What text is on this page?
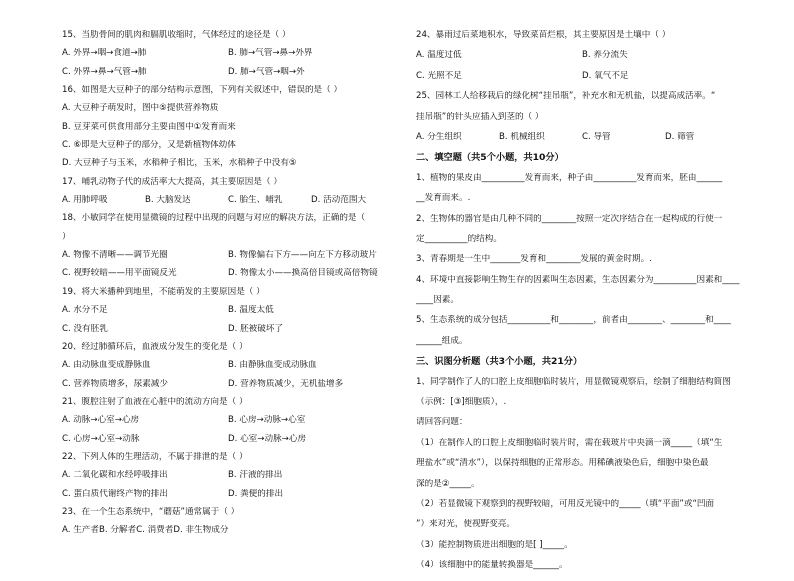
15、当肋骨间的肌肉和膈肌收缩时，气体经过的途径是（ ）
A. 外界→咽→食道→肺	B. 肺→气管→鼻→外界
C. 外界→鼻→气管→肺	D. 肺→气管→咽→外
16、如图是大豆种子的部分结构示意图，下列有关叙述中，错误的是（ ）
A. 大豆种子萌发时，图中⑤提供营养物质
B. 豆芽菜可供食用部分主要由图中①发育而来
C. ⑥即是大豆种子的部分，又是新植物体幼体
D. 大豆种子与玉米，水稻种子相比，玉米，水稻种子中没有⑤
17、哺乳动物子代的成活率大大提高，其主要原因是（ ）
A. 用肺呼吸	B. 大脑发达	C. 胎生、哺乳	D. 活动范围大
18、小敏同学在使用显微镜的过程中出现的问题与对应的解决方法，正确的是（
）
A. 物像不清晰——调节光圈	B. 物像偏右下方——向左下方移动玻片
C. 视野较暗——用平面镜反光	D. 物像太小——换高倍目镜或高倍物镜
19、将大米播种到地里，不能萌发的主要原因是（ ）
A. 水分不足	B. 温度太低
C. 没有胚乳	D. 胚被破坏了
20、经过肺循环后，血液成分发生的变化是（ ）
A. 由动脉血变成静脉血	B. 由静脉血变成动脉血
C. 营养物质增多，尿素减少	D. 营养物质减少，无机盐增多
21、腹腔注射了血液在心脏中的流动方向是（ ）
A. 动脉→心室→心房	B. 心房→动脉→心室
C. 心房→心室→动脉	D. 心室→动脉→心房
22、下列人体的生理活动，不属于排泄的是（ ）
A. 二氧化碳和水经呼吸排出	B. 汗液的排出
C. 蛋白质代谢终产物的排出	D. 粪便的排出
23、在一个生态系统中，“蘑菇”通常属于（ ）
A. 生产者B. 分解者C. 消费者D. 非生物成分
24、暴雨过后菜地积水，导致菜苗烂根，其主要原因是土壤中（ ）
A. 温度过低	B. 养分流失
C. 光照不足	D. 氧气不足
25、园林工人给移栽后的绿化树“挂吊瓶”，补充水和无机盐，以提高成活率。“
挂吊瓶”的针头应插入到茎的（ ）
A. 分生组织	B. 机械组织	C. 导管	D. 筛管
二、填空题（共5个小题，共10分）
1、植物的果皮由__________发育而来，种子由__________发育而来，胚由______
__发育而来。.
2、生物体的器官是由几种不同的________按照一定次序结合在一起构成的行使一
定__________的结构。
3、青春期是一生中_______发育和________发展的黄金时期。.
4、环境中直接影响生物生存的因素叫生态因素，生态因素分为__________因素和____
____因素。
5、生态系统的成分包括__________和________，前者由________、________和____
______组成。
三、识图分析题（共3个小题，共21分）
1、同学制作了人的口腔上皮细胞临时装片，用显微镜观察后，绘制了细胞结构简图
（示例：[③]细胞质），.
请回答问题：
（1）在制作人的口腔上皮细胞临时装片时，需在载玻片中央滴一滴_____（填“生
理盐水”或“清水”），以保持细胞的正常形态。用稀碘液染色后，细胞中染色最
深的是②_____。
（2）若显微镜下观察到的视野较暗，可用反光镜中的_____（填“平面”或“凹面
”）来对光，使视野变亮。
（3）能控制物质进出细胞的是[ ]_____。
（4）该细胞中的能量转换器是______。
